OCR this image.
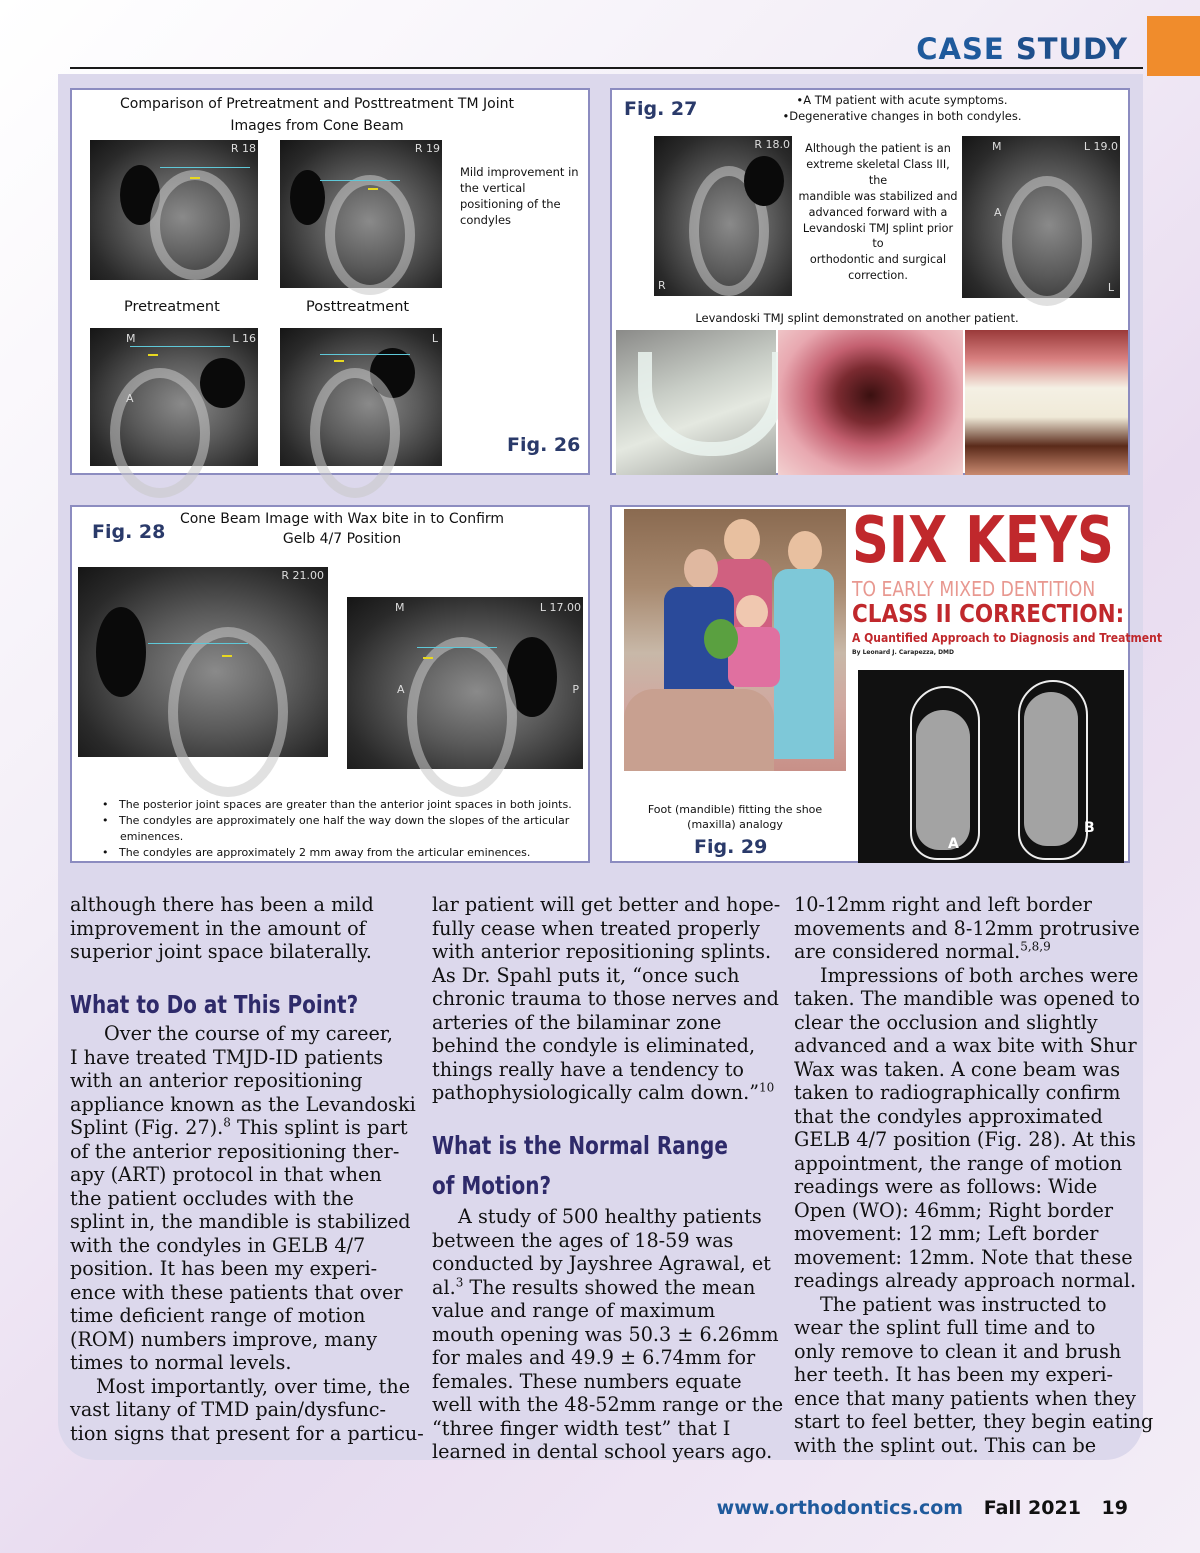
CASE STUDY
Comparison of Pretreatment and Posttreatment TM Joint
Images from Cone Beam
R 18	R 19
Mild improvement in
the vertical
positioning of the
condyles
Pretreatment	Posttreatment
M	L 16
A
L
Fig. 26
Fig. 27	•A TM patient with acute symptoms.
•Degenerative changes in both condyles.
R 18.0
R
Although the patient is an
extreme skeletal Class III, the
mandible was stabilized and
advanced forward with a
Levandoski TMJ splint prior to
orthodontic and surgical
correction.
M	L 19.0
A
L
Levandoski TMJ splint demonstrated on another patient.
Fig. 28
Cone Beam Image with Wax bite in to Confirm
Gelb 4/7 Position
R 21.00
M	L 17.00
A	P
•   The posterior joint spaces are greater than the anterior joint spaces in both joints.
•   The condyles are approximately one half the way down the slopes of the articular
eminences.
•   The condyles are approximately 2 mm away from the articular eminences.
Foot (mandible) fitting the shoe
(maxilla) analogy
Fig. 29
SIX KEYS
TO EARLY MIXED DENTITION
CLASS II CORRECTION:
A Quantified Approach to Diagnosis and Treatment
By Leonard J. Carapezza, DMD
A
B

although there has been a mild

improvement in the amount of

superior joint space bilaterally.

What to Do at This Point?

Over the course of my career,

I have treated TMJD-ID patients

with an anterior repositioning

appliance known as the Levandoski

Splint (Fig. 27).$^8$ This splint is part

of the anterior repositioning ther-

apy (ART) protocol in that when

the patient occludes with the

splint in, the mandible is stabilized

with the condyles in GELB 4/7

position. It has been my experi-

ence with these patients that over

time deficient range of motion

(ROM) numbers improve, many

times to normal levels.

Most importantly, over time, the

vast litany of TMD pain/dysfunc-

tion signs that present for a particu-

lar patient will get better and hope-

fully cease when treated properly

with anterior repositioning splints.

As Dr. Spahl puts it, “once such

chronic trauma to those nerves and

arteries of the bilaminar zone

behind the condyle is eliminated,

things really have a tendency to

pathophysiologically calm down.”$^{10}$

What is the Normal Range
of Motion?

A study of 500 healthy patients

between the ages of 18-59 was

conducted by Jayshree Agrawal, et

al.$^3$ The results showed the mean

value and range of maximum

mouth opening was 50.3 ± 6.26mm

for males and 49.9 ± 6.74mm for

females. These numbers equate

well with the 48-52mm range or the

“three finger width test” that I

learned in dental school years ago.

10-12mm right and left border

movements and 8-12mm protrusive

are considered normal.$^{5,8,9}$

Impressions of both arches were

taken. The mandible was opened to

clear the occlusion and slightly

advanced and a wax bite with Shur

Wax was taken. A cone beam was

taken to radiographically confirm

that the condyles approximated

GELB 4/7 position (Fig. 28). At this

appointment, the range of motion

readings were as follows: Wide

Open (WO): 46mm; Right border

movement: 12 mm; Left border

movement: 12mm. Note that these

readings already approach normal.

The patient was instructed to

wear the splint full time and to

only remove to clean it and brush

her teeth. It has been my experi-

ence that many patients when they

start to feel better, they begin eating

with the splint out. This can be

www.orthodontics.com Fall 2021 19
